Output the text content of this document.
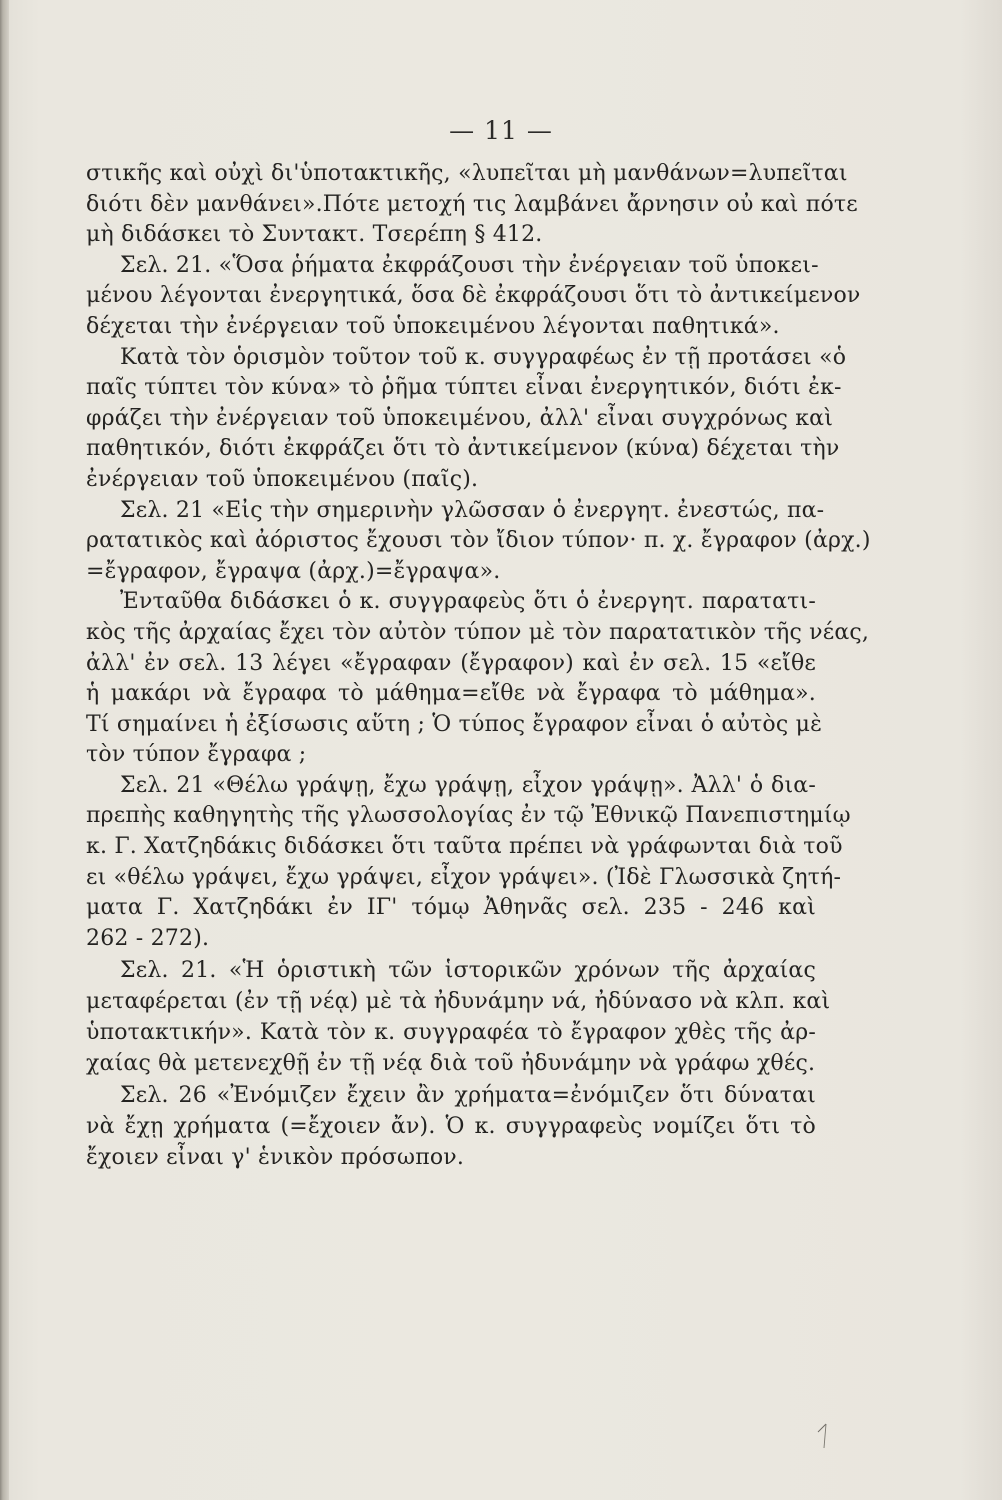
— 11 —
στικῆς καὶ οὐχὶ δι'ὑποτακτικῆς, «λυπεῖται μὴ μανθάνων=λυπεῖται
διότι δὲν μανθάνει».Πότε μετοχή τις λαμβάνει ἄρνησιν οὐ καὶ πότε
μὴ διδάσκει τὸ Συντακτ. Τσερέπη § 412.
Σελ. 21. «Ὅσα ῥήματα ἐκφράζουσι τὴν ἐνέργειαν τοῦ ὑποκει-
μένου λέγονται ἐνεργητικά, ὅσα δὲ ἐκφράζουσι ὅτι τὸ ἀντικείμενον
δέχεται τὴν ἐνέργειαν τοῦ ὑποκειμένου λέγονται παθητικά».
Κατὰ τὸν ὁρισμὸν τοῦτον τοῦ κ. συγγραφέως ἐν τῇ προτάσει «ὁ
παῖς τύπτει τὸν κύνα» τὸ ῥῆμα τύπτει εἶναι ἐνεργητικόν, διότι ἐκ-
φράζει τὴν ἐνέργειαν τοῦ ὑποκειμένου, ἀλλ' εἶναι συγχρόνως καὶ
παθητικόν, διότι ἐκφράζει ὅτι τὸ ἀντικείμενον (κύνα) δέχεται τὴν
ἐνέργειαν τοῦ ὑποκειμένου (παῖς).
Σελ. 21 «Εἰς τὴν σημερινὴν γλῶσσαν ὁ ἐνεργητ. ἐνεστώς, πα-
ρατατικὸς καὶ ἀόριστος ἔχουσι τὸν ἴδιον τύπον· π. χ. ἔγραφον (ἀρχ.)
=ἔγραφον, ἔγραψα (ἀρχ.)=ἔγραψα».
Ἐνταῦθα διδάσκει ὁ κ. συγγραφεὺς ὅτι ὁ ἐνεργητ. παρατατι-
κὸς τῆς ἀρχαίας ἔχει τὸν αὐτὸν τύπον μὲ τὸν παρατατικὸν τῆς νέας,
ἀλλ' ἐν σελ. 13 λέγει «ἔγραφαν (ἔγραφον) καὶ ἐν σελ. 15 «εἴθε
ἡ μακάρι νὰ ἔγραφα τὸ μάθημα=εἴθε νὰ ἔγραφα τὸ μάθημα».
Τί σημαίνει ἡ ἐξίσωσις αὕτη ; Ὁ τύπος ἔγραφον εἶναι ὁ αὐτὸς μὲ
τὸν τύπον ἔγραφα ;
Σελ. 21 «Θέλω γράψῃ, ἔχω γράψῃ, εἶχον γράψῃ». Ἀλλ' ὁ δια-
πρεπὴς καθηγητὴς τῆς γλωσσολογίας ἐν τῷ Ἐθνικῷ Πανεπιστημίῳ
κ. Γ. Χατζηδάκις διδάσκει ὅτι ταῦτα πρέπει νὰ γράφωνται διὰ τοῦ
ει «θέλω γράψει, ἔχω γράψει, εἶχον γράψει». (Ἰδὲ Γλωσσικὰ ζητή-
ματα Γ. Χατζηδάκι ἐν ΙΓ' τόμῳ Ἀθηνᾶς σελ. 235 - 246 καὶ
262 - 272).
Σελ. 21. «Ἡ ὁριστικὴ τῶν ἱστορικῶν χρόνων τῆς ἀρχαίας
μεταφέρεται (ἐν τῇ νέᾳ) μὲ τὰ ἠδυνάμην νά, ἠδύνασο νὰ κλπ. καὶ
ὑποτακτικήν». Κατὰ τὸν κ. συγγραφέα τὸ ἔγραφον χθὲς τῆς ἀρ-
χαίας θὰ μετενεχθῇ ἐν τῇ νέᾳ διὰ τοῦ ἠδυνάμην νὰ γράφω χθές.
Σελ. 26 «Ἐνόμιζεν ἔχειν ἂν χρήματα=ἐνόμιζεν ὅτι δύναται
νὰ ἔχῃ χρήματα (=ἔχοιεν ἄν). Ὁ κ. συγγραφεὺς νομίζει ὅτι τὸ
ἔχοιεν εἶναι γ' ἑνικὸν πρόσωπον.
